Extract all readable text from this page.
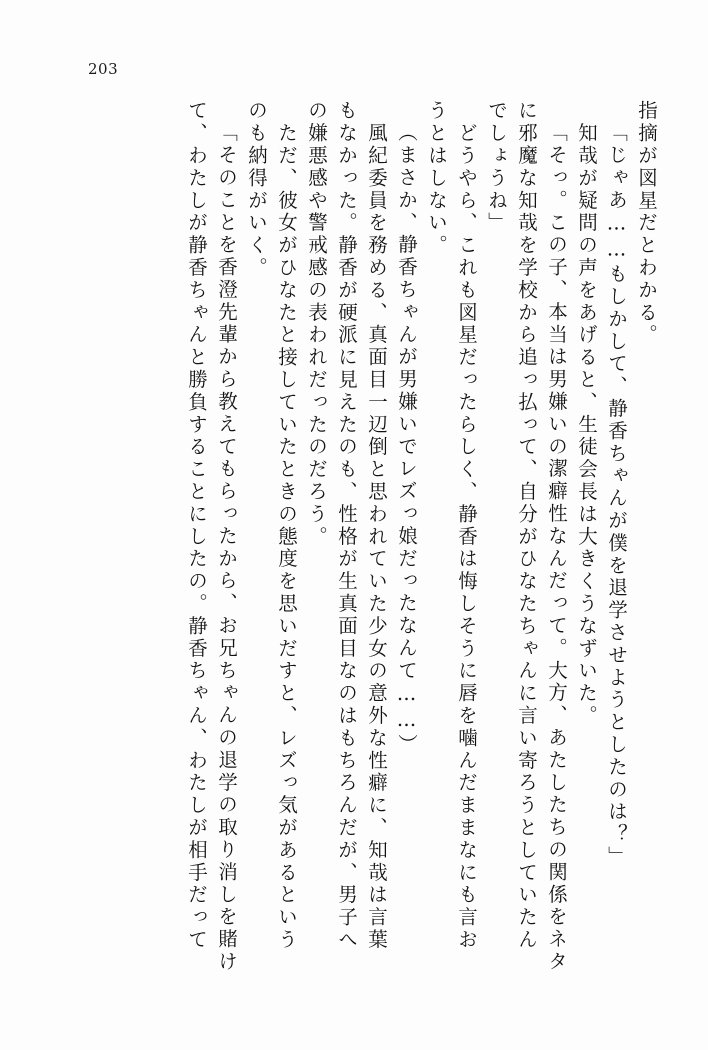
203
指摘が図星だとわかる。
「じゃあ……もしかして、静香ちゃんが僕を退学させようとしたのは？」
　知哉が疑問の声をあげると、生徒会長は大きくうなずいた。
「そっ。この子、本当は男嫌いの潔癖性なんだって。大方、あたしたちの関係をネタ
に邪魔な知哉を学校から追っ払って、自分がひなたちゃんに言い寄ろうとしていたん
でしょうね」
　どうやら、これも図星だったらしく、静香は悔しそうに唇を噛んだままなにも言お
うとはしない。
（まさか、静香ちゃんが男嫌いでレズっ娘だったなんて……）
　風紀委員を務める、真面目一辺倒と思われていた少女の意外な性癖に、知哉は言葉
もなかった。静香が硬派に見えたのも、性格が生真面目なのはもちろんだが、男子へ
の嫌悪感や警戒感の表われだったのだろう。
　ただ、彼女がひなたと接していたときの態度を思いだすと、レズっ気があるという
のも納得がいく。
「そのことを香澄先輩から教えてもらったから、お兄ちゃんの退学の取り消しを賭け
て、わたしが静香ちゃんと勝負することにしたの。静香ちゃん、わたしが相手だって
